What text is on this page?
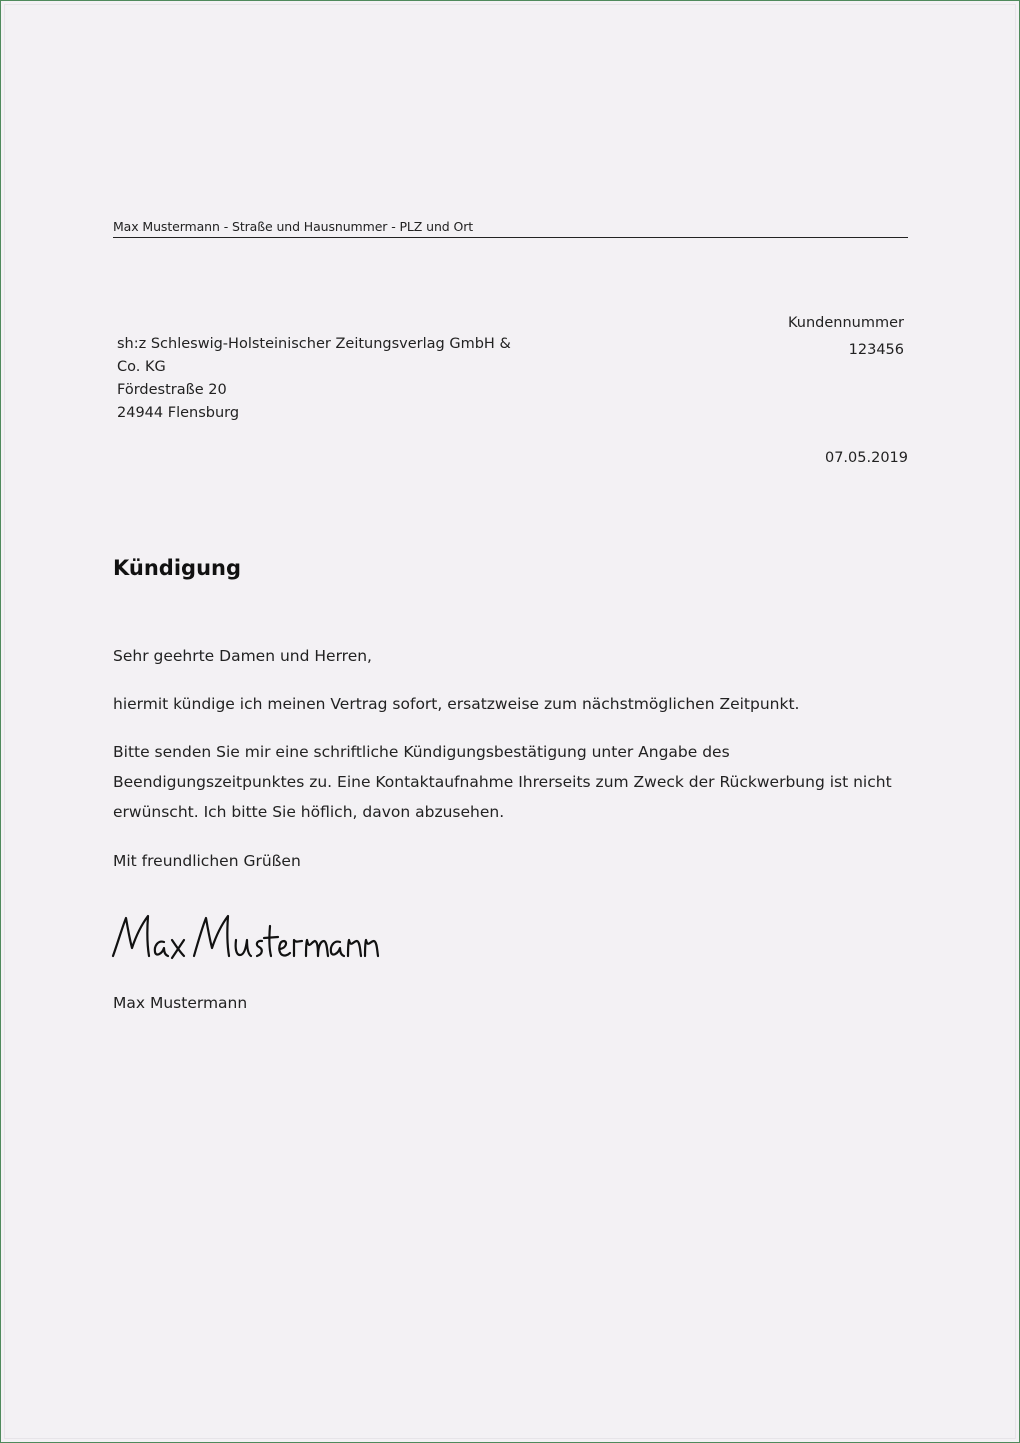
Max Mustermann - Straße und Hausnummer - PLZ und Ort
sh:z Schleswig-Holsteinischer Zeitungsverlag GmbH &
Co. KG
Fördestraße 20
24944 Flensburg
Kundennummer
123456
07.05.2019
Kündigung
Sehr geehrte Damen und Herren,
hiermit kündige ich meinen Vertrag sofort, ersatzweise zum nächstmöglichen Zeitpunkt.
Bitte senden Sie mir eine schriftliche Kündigungsbestätigung unter Angabe des Beendigungszeitpunktes zu. Eine Kontaktaufnahme Ihrerseits zum Zweck der Rückwerbung ist nicht erwünscht. Ich bitte Sie höflich, davon abzusehen.
Mit freundlichen Grüßen
Max Mustermann
